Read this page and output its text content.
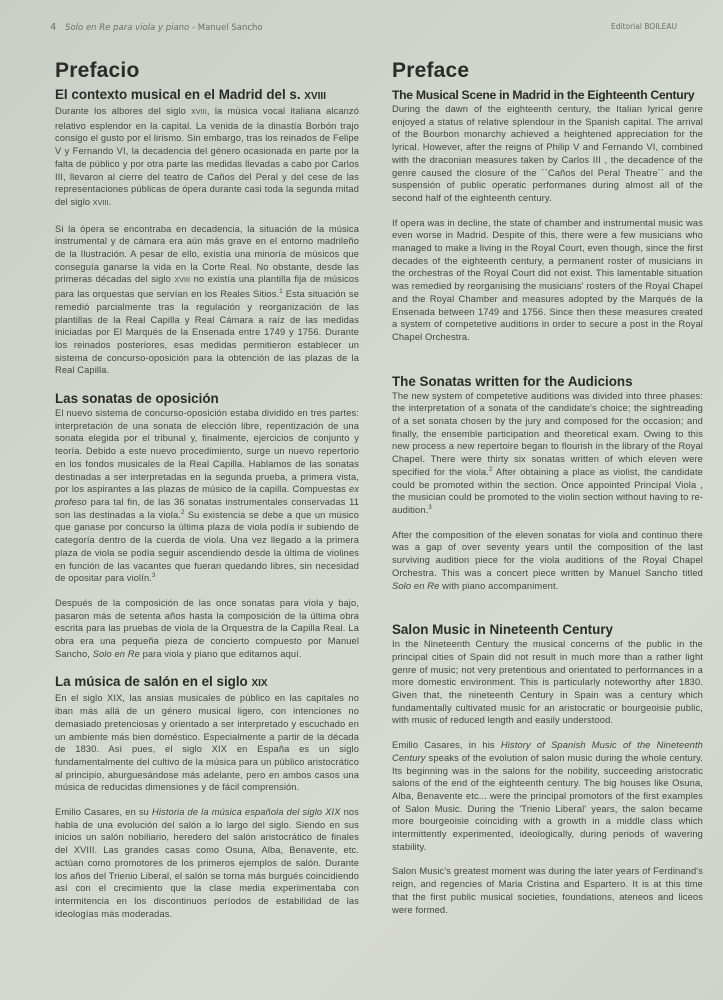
4 Solo en Re para viola y piano - Manuel Sancho	Editorial BOILEAU
Prefacio
El contexto musical en el Madrid del s. XVIII

Durante los albores del siglo XVIII, la música vocal italiana alcanzó relativo esplendor en la capital. La venida de la dinastía Borbón trajo consigo el gusto por el lirismo. Sin embargo, tras los reinados de Felipe V y Fernando VI, la decadencia del género ocasionada en parte por la falta de público y por otra parte las medidas llevadas a cabo por Carlos III, llevaron al cierre del teatro de Caños del Peral y del cese de las representaciones públicas de ópera durante casi toda la segunda mitad del siglo XVIII.

Si la ópera se encontraba en decadencia, la situación de la música instrumental y de cámara era aún más grave en el entorno madrileño de la Ilustración. A pesar de ello, existía una minoría de músicos que conseguía ganarse la vida en la Corte Real. No obstante, desde las primeras décadas del siglo XVIII no existía una plantilla fija de músicos para las orquestas que servían en los Reales Sitios.$^1$ Esta situación se remedió parcialmente tras la regulación y reorganización de las plantillas de la Real Capilla y Real Cámara a raíz de las medidas iniciadas por El Marqués de la Ensenada entre 1749 y 1756. Durante los reinados posteriores, esas medidas permitieron establecer un sistema de concurso-oposición para la obtención de las plazas de la Real Capilla.

Las sonatas de oposición

El nuevo sistema de concurso-oposición estaba dividido en tres partes: interpretación de una sonata de elección libre, repentización de una sonata elegida por el tribunal y, finalmente, ejercicios de conjunto y teoría. Debido a este nuevo procedimiento, surge un nuevo repertorio en los fondos musicales de la Real Capilla. Hablamos de las sonatas destinadas a ser interpretadas en la segunda prueba, a primera vista, por los aspirantes a las plazas de músico de la capilla. Compuestas ex profeso para tal fin, de las 36 sonatas instrumentales conservadas 11 son las destinadas a la viola.$^2$ Su existencia se debe a que un músico que ganase por concurso la última plaza de viola podía ir subiendo de categoría dentro de la cuerda de viola. Una vez llegado a la primera plaza de viola se podía seguir ascendiendo desde la última de violines en función de las vacantes que fueran quedando libres, sin necesidad de opositar para violín.$^3$

Después de la composición de las once sonatas para viola y bajo, pasaron más de setenta años hasta la composición de la última obra escrita para las pruebas de viola de la Orquestra de la Capilla Real. La obra era una pequeña pieza de concierto compuesto por Manuel Sancho, Solo en Re para viola y piano que editamos aquí.

La música de salón en el siglo XIX

En el siglo XIX, las ansias musicales de público en las capitales no iban más allá de un género musical ligero, con intenciones no demasiado pretenciosas y orientado a ser interpretado y escuchado en un ambiente más bien doméstico. Especialmente a partir de la década de 1830. Así pues, el siglo XIX en España es un siglo fundamentalmente del cultivo de la música para un público aristocrático al principio, aburguesándose más adelante, pero en ambos casos una música de reducidas dimensiones y de fácil comprensión.

Emilio Casares, en su Historia de la música española del siglo XIX nos habla de una evolución del salón a lo largo del siglo. Siendo en sus inicios un salón nobiliario, heredero del salón aristocrático de finales del XVIII. Las grandes casas como Osuna, Alba, Benavente, etc. actúan como promotores de los primeros ejemplos de salón. Durante los años del Trienio Liberal, el salón se torna más burgués coincidiendo así con el crecimiento que la clase media experimentaba con intermitencia en los discontinuos períodos de estabilidad de las ideologías más moderadas.

Preface
The Musical Scene in Madrid in the Eighteenth Century

During the dawn of the eighteenth century, the Italian lyrical genre enjoyed a status of relative splendour in the Spanish capital. The arrival of the Bourbon monarchy achieved a heightened appreciation for the lyrical. However, after the reigns of Philip V and Fernando VI, combined with the draconian measures taken by Carlos III , the decadence of the genre caused the closure of the ``Caños del Peral Theatre´´ and the suspensión of public operatic performanes during almost all of the second half of the eighteenth century.

If opera was in decline, the state of chamber and instrumental music was even worse in Madrid. Despite of this, there were a few musicians who managed to make a living in the Royal Court, even though, since the first decades of the eighteenth century, a permanent roster of musicians in the orchestras of the Royal Court did not exist. This lamentable situation was remedied by reorganising the musicians' rosters of the Royal Chapel and the Royal Chamber and measures adopted by the Marqués de la Ensenada between 1749 and 1756. Since then these measures created a system of competetive auditions in order to secure a post in the Royal Chapel Orchestra.

The Sonatas written for the Audicions

The new system of competetive auditions was divided into three phases: the interpretation of a sonata of the candidate's choice; the sightreading of a set sonata chosen by the jury and composed for the occasion; and finally, the ensemble participation and theoretical exam. Owing to this new process a new repertoire began to flourish in the library of the Royal Chapel. There were thirty six sonatas written of which eleven were specified for the viola.$^2$ After obtaining a place as violist, the candidate could be promoted within the section. Once appointed Principal Viola , the musician could be promoted to the violin section without having to re-audition.$^3$

After the composition of the eleven sonatas for viola and continuo there was a gap of over seventy years until the composition of the last surviving audition piece for the viola auditions of the Royal Chapel Orchestra. This was a concert piece written by Manuel Sancho titled Solo en Re with piano accompaniment.

Salon Music in Nineteenth Century

In the Nineteenth Century the musical concerns of the public in the principal cities of Spain did not result in much more than a rather light genre of music; not very pretentious and orientated to performances in a more domestic environment. This is particularly noteworthy after 1830. Given that, the nineteenth Century in Spain was a century which fundamentally cultivated music for an aristocratic or bourgeoisie public, with music of reduced length and easily understood.

Emilio Casares, in his History of Spanish Music of the Nineteenth Century speaks of the evolution of salon music during the whole century. Its beginning was in the salons for the nobility, succeeding aristocratic salons of the end of the eighteenth century. The big houses like Osuna, Alba, Benavente etc... were the principal promotors of the first examples of Salon Music. During the 'Trienio Liberal' years, the salon became more bourgeoisie coinciding with a growth in a middle class which intermittently experimented, ideologically, during periods of wavering stability.

Salon Music's greatest moment was during the later years of Ferdinand's reign, and regencies of Maria Cristina and Espartero. It is at this time that the first public musical societies, foundations, ateneos and liceos were formed.
